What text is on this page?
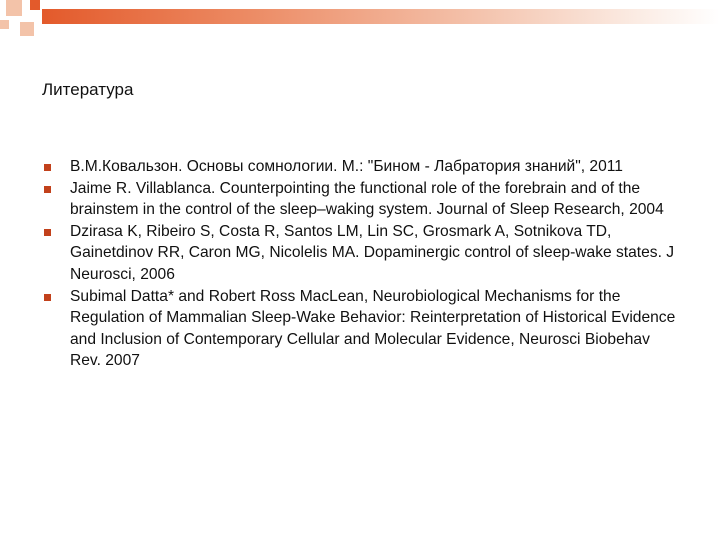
Литература
В.М.Ковальзон. Основы сомнологии. М.: "Бином - Лабратория знаний", 2011
Jaime R. Villablanca. Counterpointing the functional role of the forebrain and of the brainstem in the control of the sleep–waking system. Journal of Sleep Research, 2004
Dzirasa K, Ribeiro S, Costa R, Santos LM, Lin SC, Grosmark A, Sotnikova TD, Gainetdinov RR, Caron MG, Nicolelis MA. Dopaminergic control of sleep-wake states. J Neurosci, 2006
Subimal Datta* and Robert Ross MacLean, Neurobiological Mechanisms for the Regulation of Mammalian Sleep-Wake Behavior: Reinterpretation of Historical Evidence and Inclusion of Contemporary Cellular and Molecular Evidence, Neurosci Biobehav Rev. 2007
